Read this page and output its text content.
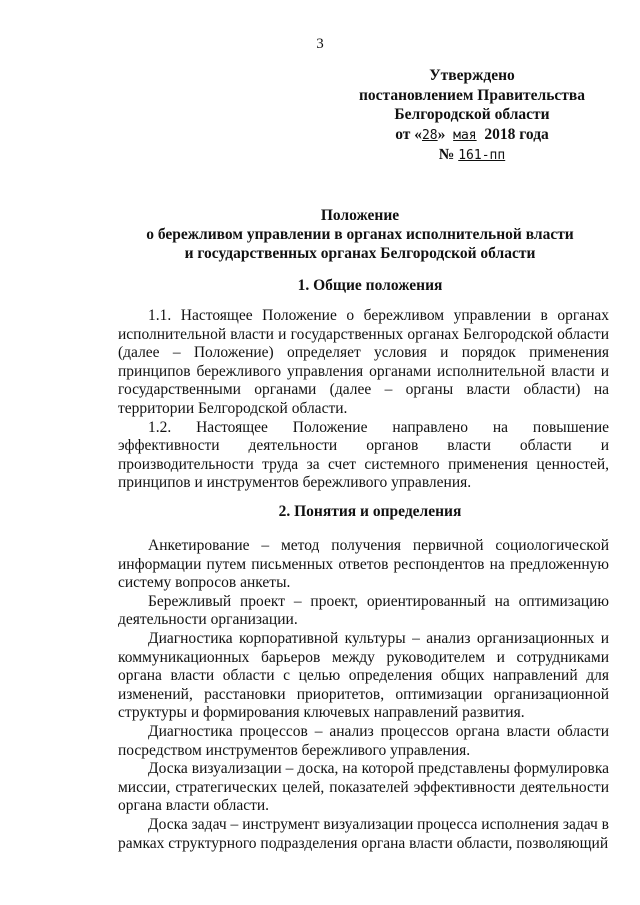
3
Утверждено
постановлением Правительства
Белгородской области
от «28» мая 2018 года
№ 161-пп
Положение
о бережливом управлении в органах исполнительной власти
и государственных органах Белгородской области
1. Общие положения

1.1. Настоящее Положение о бережливом управлении в органах исполнительной власти и государственных органах Белгородской области (далее – Положение) определяет условия и порядок применения принципов бережливого управления органами исполнительной власти и государственными органами (далее – органы власти области) на территории Белгородской области.

1.2. Настоящее Положение направлено на повышение эффективности деятельности органов власти области и производительности труда за счет системного применения ценностей, принципов и инструментов бережливого управления.

2. Понятия и определения

Анкетирование – метод получения первичной социологической информации путем письменных ответов респондентов на предложенную систему вопросов анкеты.

Бережливый проект – проект, ориентированный на оптимизацию деятельности организации.

Диагностика корпоративной культуры – анализ организационных и коммуникационных барьеров между руководителем и сотрудниками органа власти области с целью определения общих направлений для изменений, расстановки приоритетов, оптимизации организационной структуры и формирования ключевых направлений развития.

Диагностика процессов – анализ процессов органа власти области посредством инструментов бережливого управления.

Доска визуализации – доска, на которой представлены формулировка миссии, стратегических целей, показателей эффективности деятельности органа власти области.

Доска задач – инструмент визуализации процесса исполнения задач в рамках структурного подразделения органа власти области, позволяющий
